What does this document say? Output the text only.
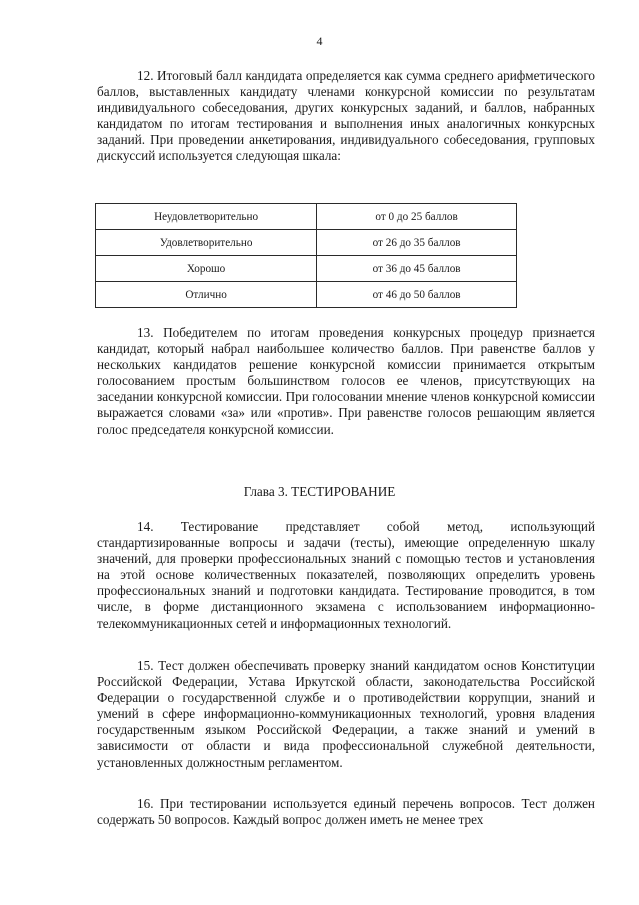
4

12. Итоговый балл кандидата определяется как сумма среднего арифметического баллов, выставленных кандидату членами конкурсной комиссии по результатам индивидуального собеседования, других конкурсных заданий, и баллов, набранных кандидатом по итогам тестирования и выполнения иных аналогичных конкурсных заданий. При проведении анкетирования, индивидуального собеседования, групповых дискуссий используется следующая шкала:

Неудовлетворительно	от 0 до 25 баллов
Удовлетворительно	от 26 до 35 баллов
Хорошо	от 36 до 45 баллов
Отлично	от 46 до 50 баллов

13. Победителем по итогам проведения конкурсных процедур признается кандидат, который набрал наибольшее количество баллов. При равенстве баллов у нескольких кандидатов решение конкурсной комиссии принимается открытым голосованием простым большинством голосов ее членов, присутствующих на заседании конкурсной комиссии. При голосовании мнение членов конкурсной комиссии выражается словами «за» или «против». При равенстве голосов решающим является голос председателя конкурсной комиссии.

Глава 3. ТЕСТИРОВАНИЕ

14. Тестирование представляет собой метод, использующий стандартизированные вопросы и задачи (тесты), имеющие определенную шкалу значений, для проверки профессиональных знаний с помощью тестов и установления на этой основе количественных показателей, позволяющих определить уровень профессиональных знаний и подготовки кандидата. Тестирование проводится, в том числе, в форме дистанционного экзамена с использованием информационно-телекоммуникационных сетей и информационных технологий.

15. Тест должен обеспечивать проверку знаний кандидатом основ Конституции Российской Федерации, Устава Иркутской области, законодательства Российской Федерации о государственной службе и о противодействии коррупции, знаний и умений в сфере информационно-коммуникационных технологий, уровня владения государственным языком Российской Федерации, а также знаний и умений в зависимости от области и вида профессиональной служебной деятельности, установленных должностным регламентом.

16. При тестировании используется единый перечень вопросов. Тест должен содержать 50 вопросов. Каждый вопрос должен иметь не менее трех
